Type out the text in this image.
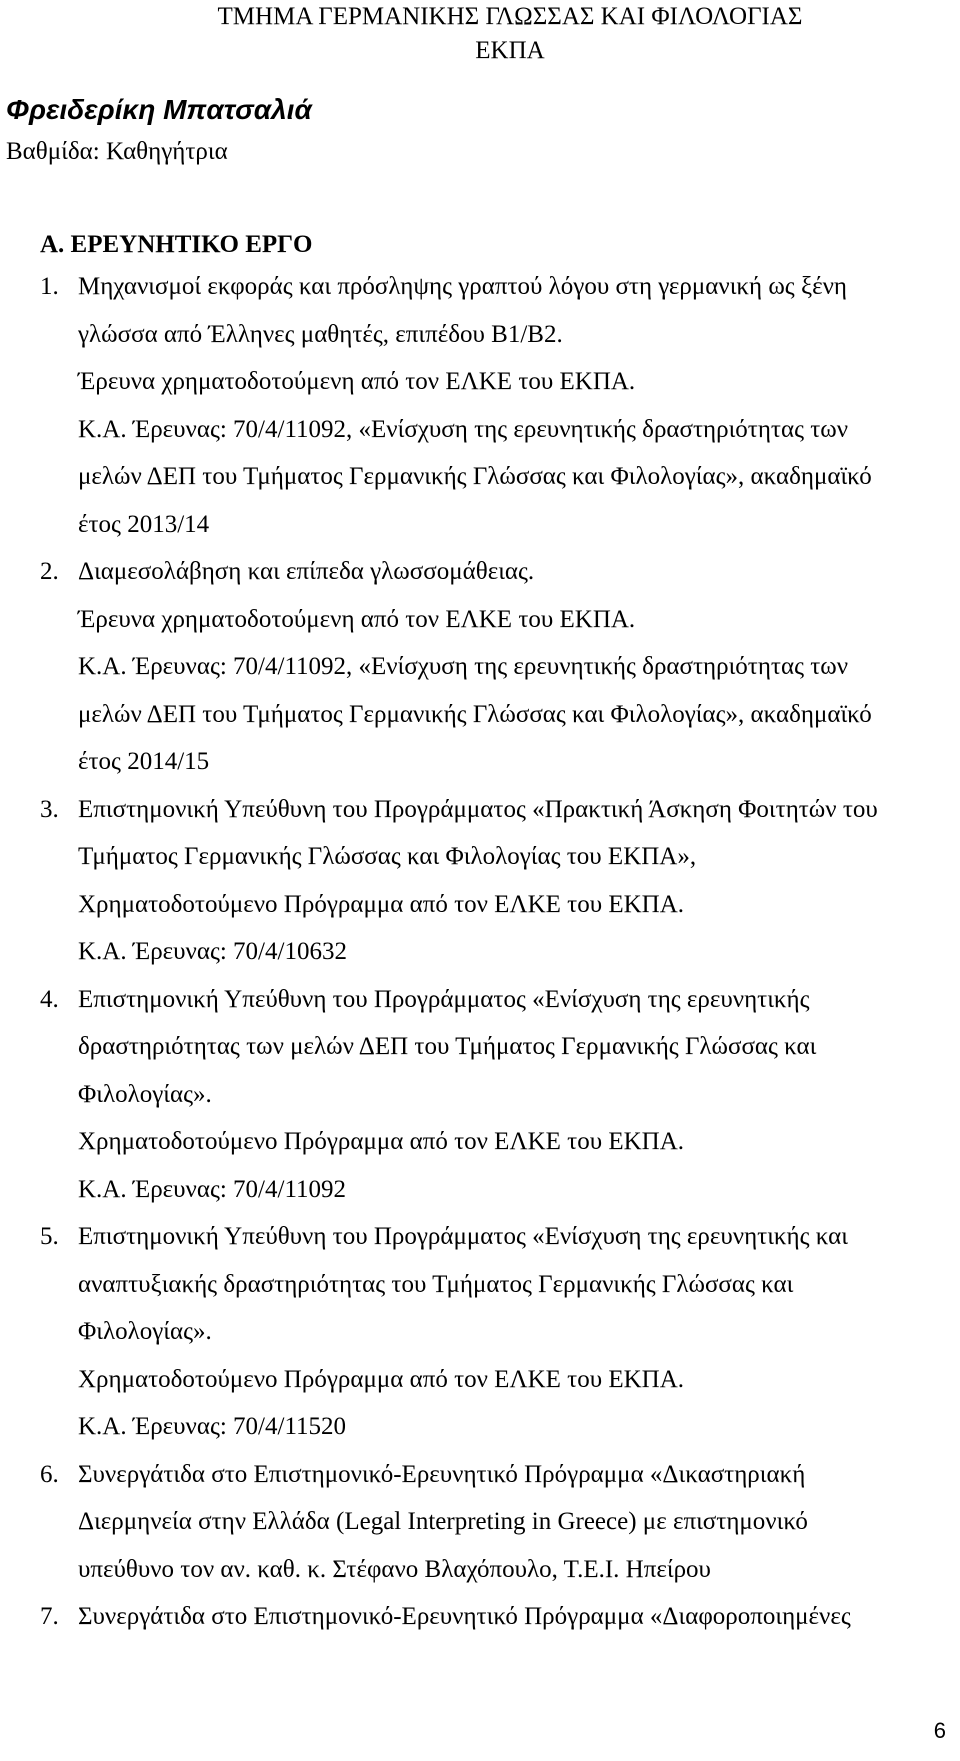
ΤΜΗΜΑ ΓΕΡΜΑΝΙΚΗΣ ΓΛΩΣΣΑΣ ΚΑΙ ΦΙΛΟΛΟΓΙΑΣ
ΕΚΠΑ
Φρειδερίκη Μπατσαλιά
Βαθμίδα: Καθηγήτρια
Α. ΕΡΕΥΝΗΤΙΚΟ ΕΡΓΟ
1. Μηχανισμοί εκφοράς και πρόσληψης γραπτού λόγου στη γερμανική ως ξένη
γλώσσα από Έλληνες μαθητές, επιπέδου Β1/Β2.
Έρευνα χρηματοδοτούμενη από τον ΕΛΚΕ του ΕΚΠΑ.
Κ.Α. Έρευνας: 70/4/11092, «Ενίσχυση της ερευνητικής δραστηριότητας των
μελών ΔΕΠ του Τμήματος Γερμανικής Γλώσσας και Φιλολογίας», ακαδημαϊκό
έτος 2013/14
2. Διαμεσολάβηση και επίπεδα γλωσσομάθειας.
Έρευνα χρηματοδοτούμενη από τον ΕΛΚΕ του ΕΚΠΑ.
Κ.Α. Έρευνας: 70/4/11092, «Ενίσχυση της ερευνητικής δραστηριότητας των
μελών ΔΕΠ του Τμήματος Γερμανικής Γλώσσας και Φιλολογίας», ακαδημαϊκό
έτος 2014/15
3. Επιστημονική Υπεύθυνη του Προγράμματος «Πρακτική Άσκηση Φοιτητών του
Τμήματος Γερμανικής Γλώσσας και Φιλολογίας του ΕΚΠΑ»,
Χρηματοδοτούμενο Πρόγραμμα από τον ΕΛΚΕ του ΕΚΠΑ.
Κ.Α. Έρευνας: 70/4/10632
4. Επιστημονική Υπεύθυνη του Προγράμματος «Ενίσχυση της ερευνητικής
δραστηριότητας των μελών ΔΕΠ του Τμήματος Γερμανικής Γλώσσας και
Φιλολογίας».
Χρηματοδοτούμενο Πρόγραμμα από τον ΕΛΚΕ του ΕΚΠΑ.
Κ.Α. Έρευνας: 70/4/11092
5. Επιστημονική Υπεύθυνη του Προγράμματος «Ενίσχυση της ερευνητικής και
αναπτυξιακής δραστηριότητας του Τμήματος Γερμανικής Γλώσσας και
Φιλολογίας».
Χρηματοδοτούμενο Πρόγραμμα από τον ΕΛΚΕ του ΕΚΠΑ.
Κ.Α. Έρευνας: 70/4/11520
6. Συνεργάτιδα στο Επιστημονικό-Ερευνητικό Πρόγραμμα «Δικαστηριακή
Διερμηνεία στην Ελλάδα (Legal Interpreting in Greece) με επιστημονικό
υπεύθυνο τον αν. καθ. κ. Στέφανο Βλαχόπουλο, Τ.Ε.Ι. Ηπείρου
7. Συνεργάτιδα στο Επιστημονικό-Ερευνητικό Πρόγραμμα «Διαφοροποιημένες
6
